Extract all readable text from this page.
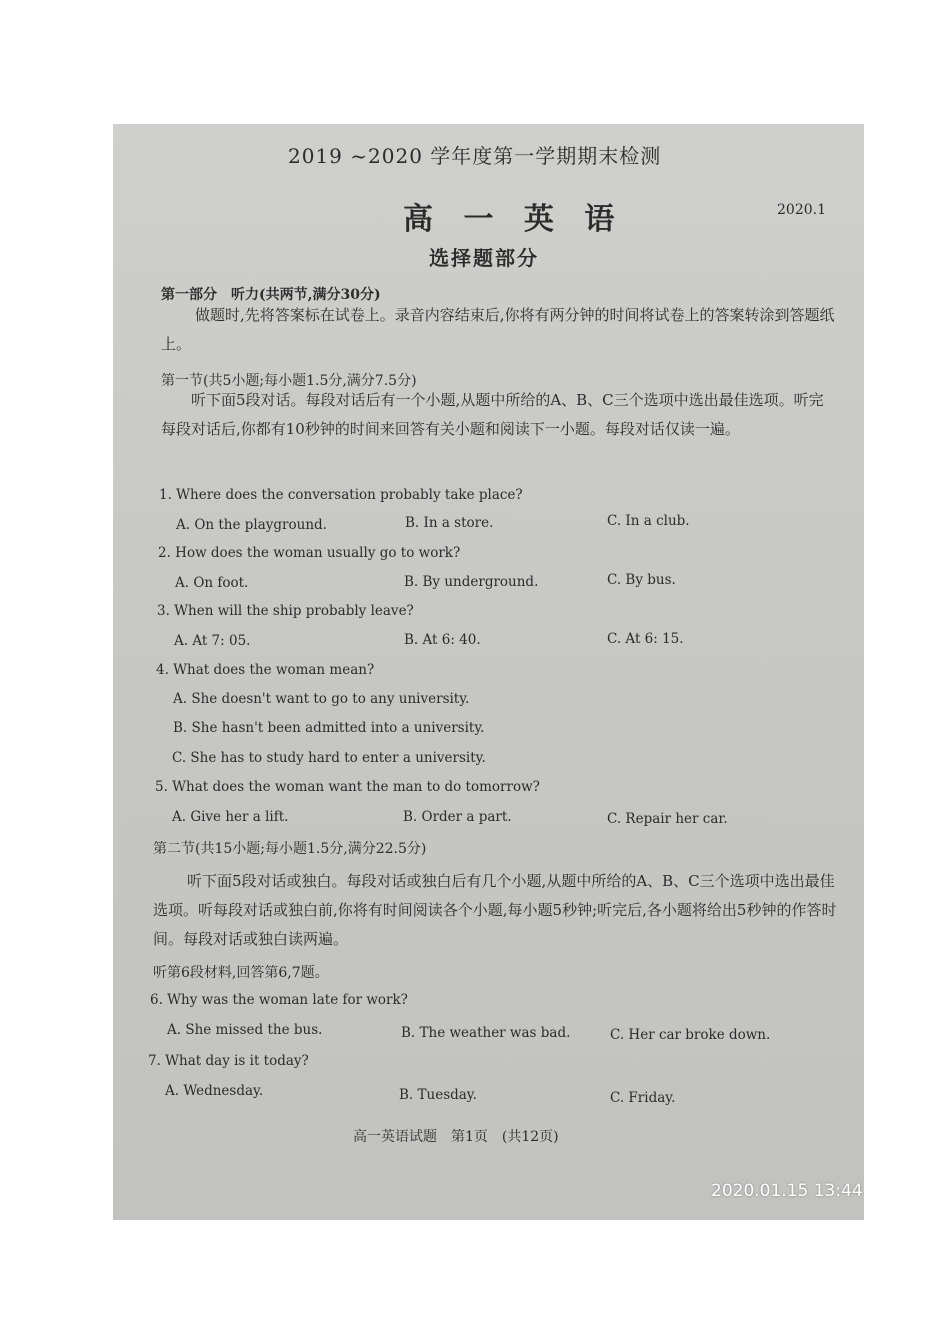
2019 ~2020 学年度第一学期期末检测
高 一 英 语	2020.1
选择题部分
第一部分　听力(共两节,满分30分)
做题时,先将答案标在试卷上。录音内容结束后,你将有两分钟的时间将试卷上的答案转涂到答题纸上。
第一节(共5小题;每小题1.5分,满分7.5分)
听下面5段对话。每段对话后有一个小题,从题中所给的A、B、C三个选项中选出最佳选项。听完每段对话后,你都有10秒钟的时间来回答有关小题和阅读下一小题。每段对话仅读一遍。
1. Where does the conversation probably take place?
A. On the playground.	B. In a store.	C. In a club.
2. How does the woman usually go to work?
A. On foot.	B. By underground.	C. By bus.
3. When will the ship probably leave?
A. At 7: 05.	B. At 6: 40.	C. At 6: 15.
4. What does the woman mean?
A. She doesn't want to go to any university.
B. She hasn't been admitted into a university.
C. She has to study hard to enter a university.
5. What does the woman want the man to do tomorrow?
A. Give her a lift.	B. Order a part.	C. Repair her car.
第二节(共15小题;每小题1.5分,满分22.5分)
听下面5段对话或独白。每段对话或独白后有几个小题,从题中所给的A、B、C三个选项中选出最佳选项。听每段对话或独白前,你将有时间阅读各个小题,每小题5秒钟;听完后,各小题将给出5秒钟的作答时间。每段对话或独白读两遍。
听第6段材料,回答第6,7题。
6. Why was the woman late for work?
A. She missed the bus.	B. The weather was bad.	C. Her car broke down.
7. What day is it today?
A. Wednesday.	B. Tuesday.	C. Friday.
高一英语试题　第1页　(共12页)
2020.01.15 13:44
